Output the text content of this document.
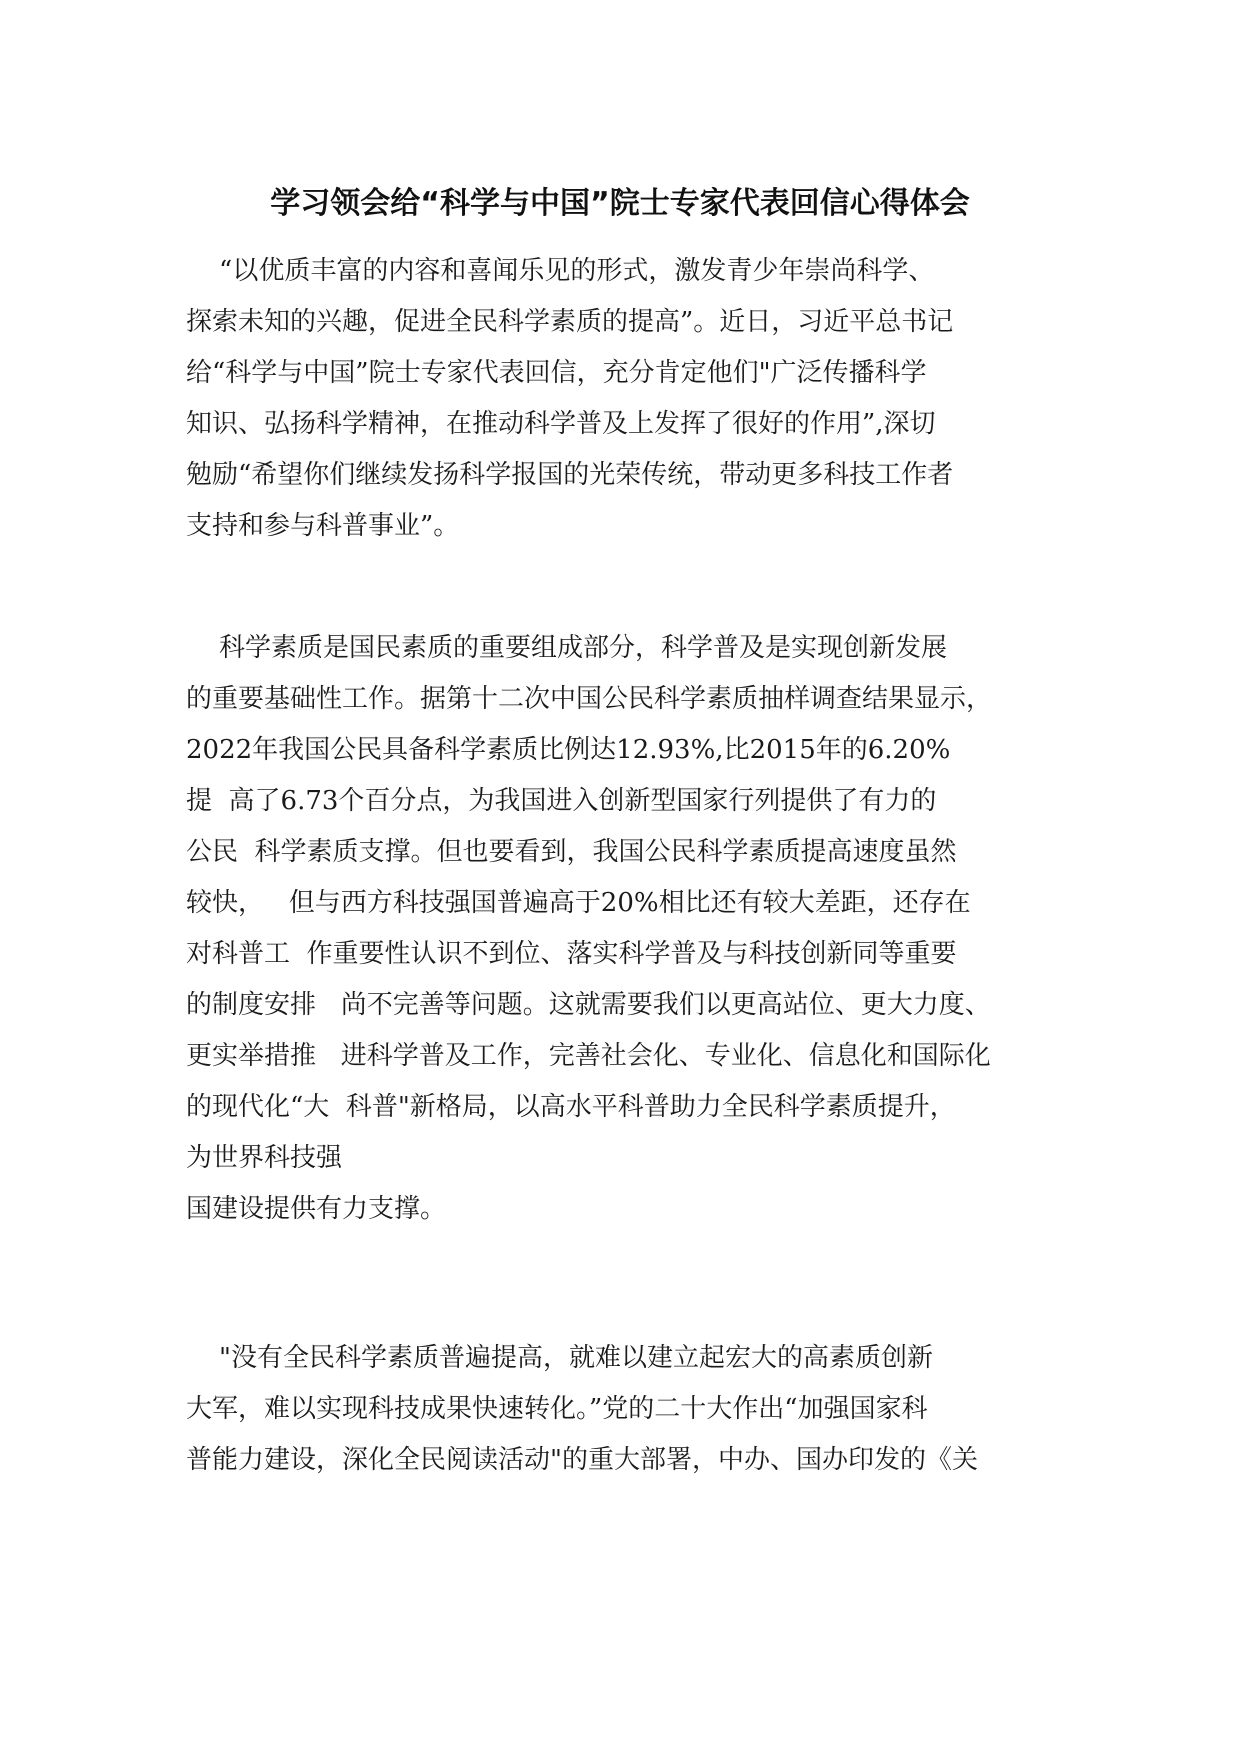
学习领会给“科学与中国”院士专家代表回信心得体会
“以优质丰富的内容和喜闻乐见的形式，激发青少年崇尚科学、
探索未知的兴趣，促进全民科学素质的提高”。近日，习近平总书记
给“科学与中国”院士专家代表回信，充分肯定他们"广泛传播科学
知识、弘扬科学精神，在推动科学普及上发挥了很好的作用”,深切
勉励“希望你们继续发扬科学报国的光荣传统，带动更多科技工作者
支持和参与科普事业”。
科学素质是国民素质的重要组成部分，科学普及是实现创新发展
的重要基础性工作。据第十二次中国公民科学素质抽样调查结果显示，
2022年我国公民具备科学素质比例达12.93%,比2015年的6.20%
提  高了6.73个百分点，为我国进入创新型国家行列提供了有力的
公民  科学素质支撑。但也要看到，我国公民科学素质提高速度虽然
较快，   但与西方科技强国普遍高于20%相比还有较大差距，还存在
对科普工  作重要性认识不到位、落实科学普及与科技创新同等重要
的制度安排   尚不完善等问题。这就需要我们以更高站位、更大力度、
更实举措推   进科学普及工作，完善社会化、专业化、信息化和国际化
的现代化“大  科普"新格局，以高水平科普助力全民科学素质提升，
为世界科技强
国建设提供有力支撑。
"没有全民科学素质普遍提高，就难以建立起宏大的高素质创新
大军，难以实现科技成果快速转化。”党的二十大作出“加强国家科
普能力建设，深化全民阅读活动"的重大部署，中办、国办印发的《关
